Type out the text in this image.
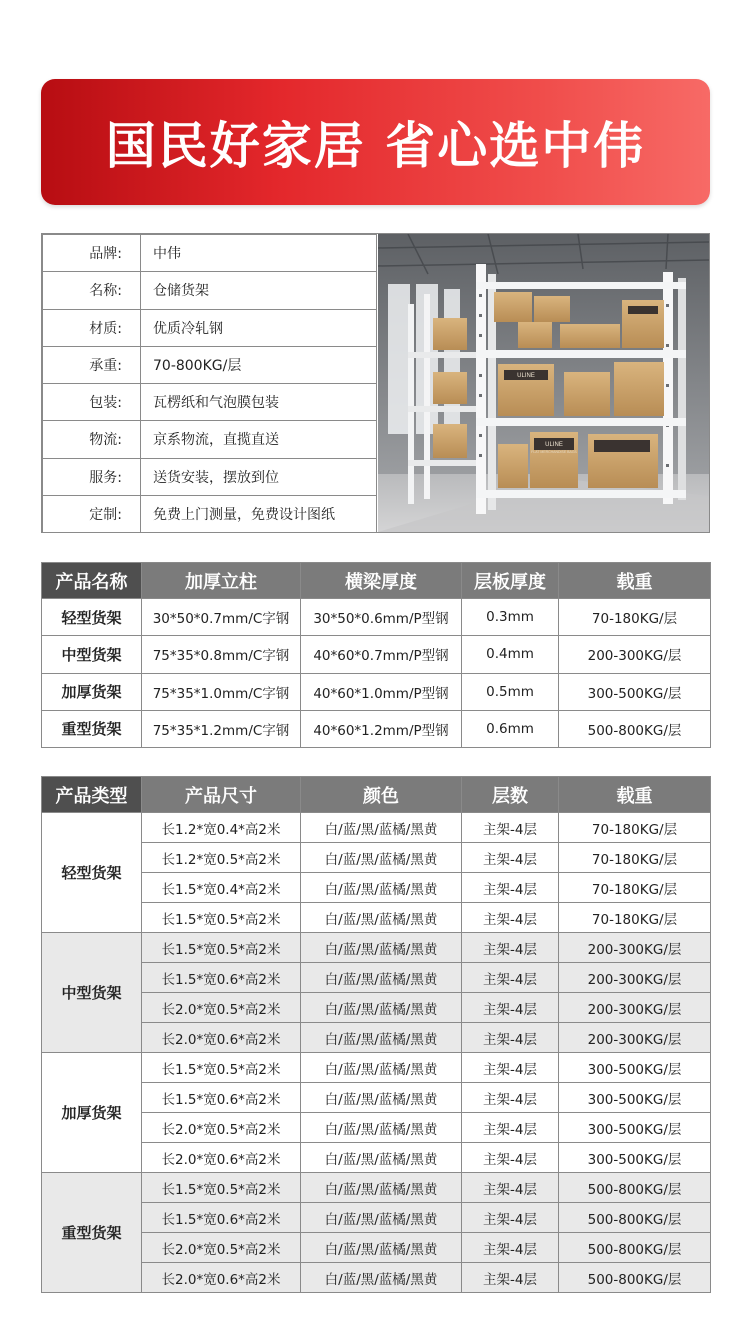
国民好家居 省心选中伟
品牌:	中伟
名称:	仓储货架
材质:	优质冷轧钢
承重:	70-800KG/层
包装:	瓦楞纸和气泡膜包装
物流:	京系物流，直揽直送
服务:	送货安装，摆放到位
定制:	免费上门测量，免费设计图纸
ULINE
ULINE
FLAT MERCHANDISE BAGS
产品名称	加厚立柱	横梁厚度	层板厚度	载重
轻型货架	30*50*0.7mm/C字钢	30*50*0.6mm/P型钢	0.3mm	70-180KG/层
中型货架	75*35*0.8mm/C字钢	40*60*0.7mm/P型钢	0.4mm	200-300KG/层
加厚货架	75*35*1.0mm/C字钢	40*60*1.0mm/P型钢	0.5mm	300-500KG/层
重型货架	75*35*1.2mm/C字钢	40*60*1.2mm/P型钢	0.6mm	500-800KG/层
产品类型	产品尺寸	颜色	层数	载重
轻型货架	长1.2*宽0.4*高2米	白/蓝/黑/蓝橘/黑黄	主架-4层	70-180KG/层
	长1.2*宽0.5*高2米	白/蓝/黑/蓝橘/黑黄	主架-4层	70-180KG/层
	长1.5*宽0.4*高2米	白/蓝/黑/蓝橘/黑黄	主架-4层	70-180KG/层
	长1.5*宽0.5*高2米	白/蓝/黑/蓝橘/黑黄	主架-4层	70-180KG/层
中型货架	长1.5*宽0.5*高2米	白/蓝/黑/蓝橘/黑黄	主架-4层	200-300KG/层
	长1.5*宽0.6*高2米	白/蓝/黑/蓝橘/黑黄	主架-4层	200-300KG/层
	长2.0*宽0.5*高2米	白/蓝/黑/蓝橘/黑黄	主架-4层	200-300KG/层
	长2.0*宽0.6*高2米	白/蓝/黑/蓝橘/黑黄	主架-4层	200-300KG/层
加厚货架	长1.5*宽0.5*高2米	白/蓝/黑/蓝橘/黑黄	主架-4层	300-500KG/层
	长1.5*宽0.6*高2米	白/蓝/黑/蓝橘/黑黄	主架-4层	300-500KG/层
	长2.0*宽0.5*高2米	白/蓝/黑/蓝橘/黑黄	主架-4层	300-500KG/层
	长2.0*宽0.6*高2米	白/蓝/黑/蓝橘/黑黄	主架-4层	300-500KG/层
重型货架	长1.5*宽0.5*高2米	白/蓝/黑/蓝橘/黑黄	主架-4层	500-800KG/层
	长1.5*宽0.6*高2米	白/蓝/黑/蓝橘/黑黄	主架-4层	500-800KG/层
	长2.0*宽0.5*高2米	白/蓝/黑/蓝橘/黑黄	主架-4层	500-800KG/层
	长2.0*宽0.6*高2米	白/蓝/黑/蓝橘/黑黄	主架-4层	500-800KG/层
